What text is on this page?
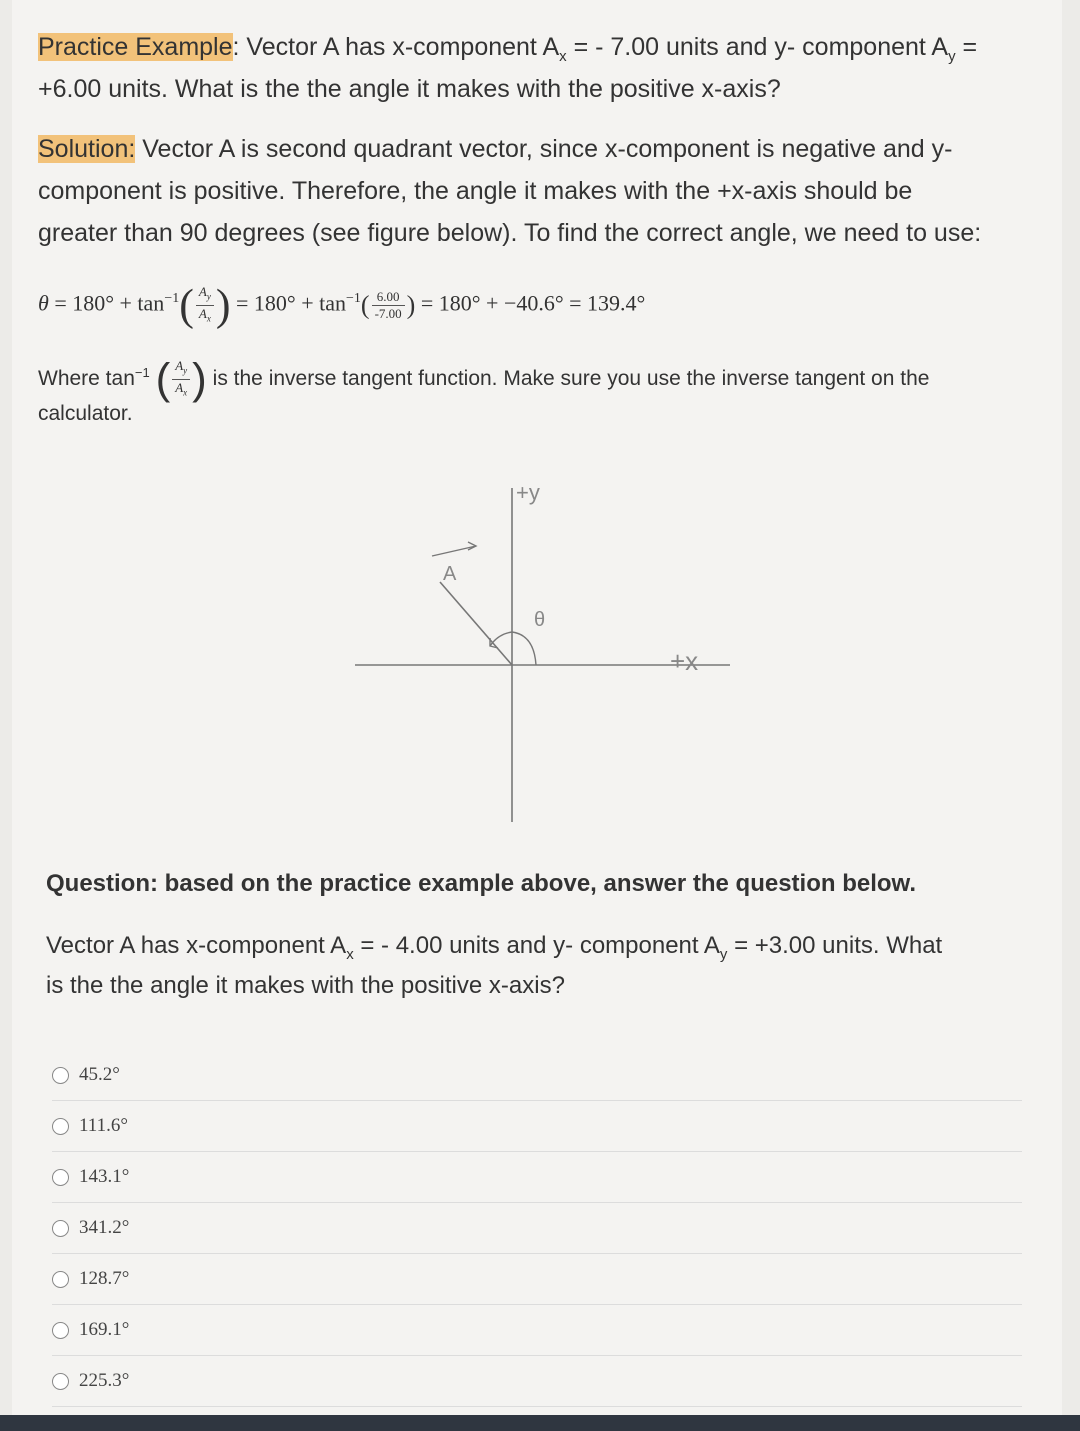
Practice Example: Vector A has x-component $A_x$ = - 7.00 units and y- component $A_y$ =
+6.00 units. What is the the angle it makes with the positive x-axis?
Solution: Vector A is second quadrant vector, since x-component is negative and y-
component is positive. Therefore, the angle it makes with the +x-axis should be
greater than 90 degrees (see figure below). To find the correct angle, we need to use:
$\theta = 180^\circ + \tan^{-1}( \frac{A_y}{A_x}$ ) = $180^\circ + \tan^{-1}( \frac{6.00}{-7.00}$ ) = 180° + −40.6° = 139.4°
Where $\tan^{-1}$ ( $\frac{A_y}{A_x}$ ) is the inverse tangent function. Make sure you use the inverse tangent on the
calculator.
+y
+x
A
θ
Question: based on the practice example above, answer the question below.
Vector A has x-component $A_x$ = - 4.00 units and y- component $A_y = +3.00$ units. What
is the the angle it makes with the positive x-axis?
45.2°
111.6°
143.1°
341.2°
128.7°
169.1°
225.3°
